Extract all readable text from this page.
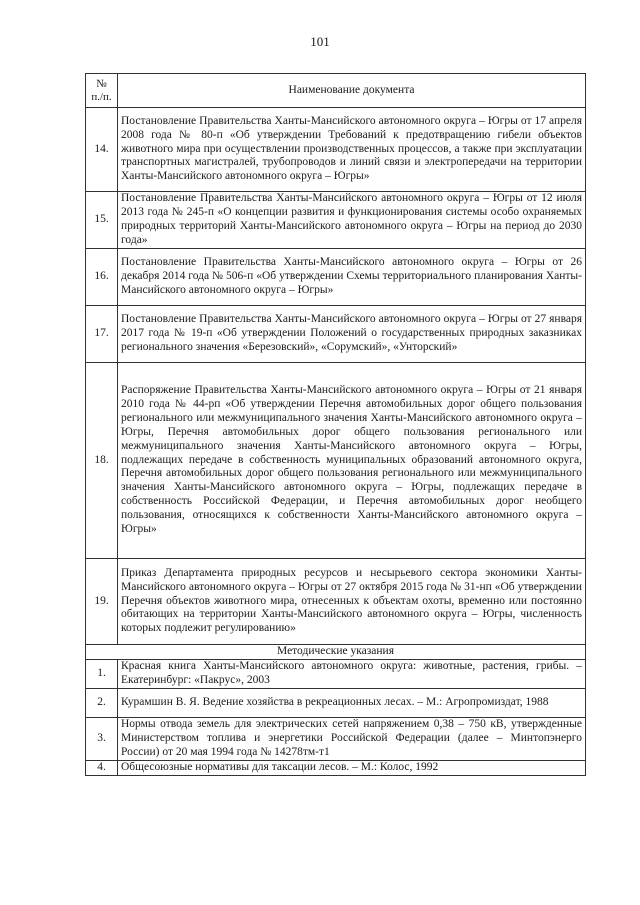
101
№
п./п.	Наименование документа
14.	Постановление Правительства Ханты-Мансийского автономного округа – Югры от 17 апреля 2008 года № 80-п «Об утверждении Требований к предотвращению гибели объектов животного мира при осуществлении производственных процессов, а также при эксплуатации транспортных магистралей, трубопроводов и линий связи и электропередачи на территории Ханты-Мансийского автономного округа – Югры»
15.	Постановление Правительства Ханты-Мансийского автономного округа – Югры от 12 июля 2013 года № 245-п «О концепции развития и функционирования системы особо охраняемых природных территорий Ханты-Мансийского автономного округа – Югры на период до 2030 года»
16.	Постановление Правительства Ханты-Мансийского автономного округа – Югры от 26 декабря 2014 года № 506-п «Об утверждении Схемы территориального планирования Ханты-Мансийского автономного округа – Югры»
17.	Постановление Правительства Ханты-Мансийского автономного округа – Югры от 27 января 2017 года № 19-п «Об утверждении Положений о государственных природных заказниках регионального значения «Березовский», «Сорумский», «Унторский»
18.	Распоряжение Правительства Ханты-Мансийского автономного округа – Югры от 21 января 2010 года № 44-рп «Об утверждении Перечня автомобильных дорог общего пользования регионального или межмуниципального значения Ханты-Мансийского автономного округа – Югры, Перечня автомобильных дорог общего пользования регионального или межмуниципального значения Ханты-Мансийского автономного округа – Югры, подлежащих передаче в собственность муниципальных образований автономного округа, Перечня автомобильных дорог общего пользования регионального или межмуниципального значения Ханты-Мансийского автономного округа – Югры, подлежащих передаче в собственность Российской Федерации, и Перечня автомобильных дорог необщего пользования, относящихся к собственности Ханты-Мансийского автономного округа – Югры»
19.	Приказ Департамента природных ресурсов и несырьевого сектора экономики Ханты-Мансийского автономного округа – Югры от 27 октября 2015 года № 31-нп «Об утверждении Перечня объектов животного мира, отнесенных к объектам охоты, временно или постоянно обитающих на территории Ханты-Мансийского автономного округа – Югры, численность которых подлежит регулированию»
Методические указания	
1.	Красная книга Ханты-Мансийского автономного округа: животные, растения, грибы. – Екатеринбург: «Пакрус», 2003
2.	Курамшин В. Я. Ведение хозяйства в рекреационных лесах. – М.: Агропромиздат, 1988
3.	Нормы отвода земель для электрических сетей напряжением 0,38 – 750 кВ, утвержденные Министерством топлива и энергетики Российской Федерации (далее – Минтопэнерго России) от 20 мая 1994 года № 14278тм-т1
4.	Общесоюзные нормативы для таксации лесов. – М.: Колос, 1992
